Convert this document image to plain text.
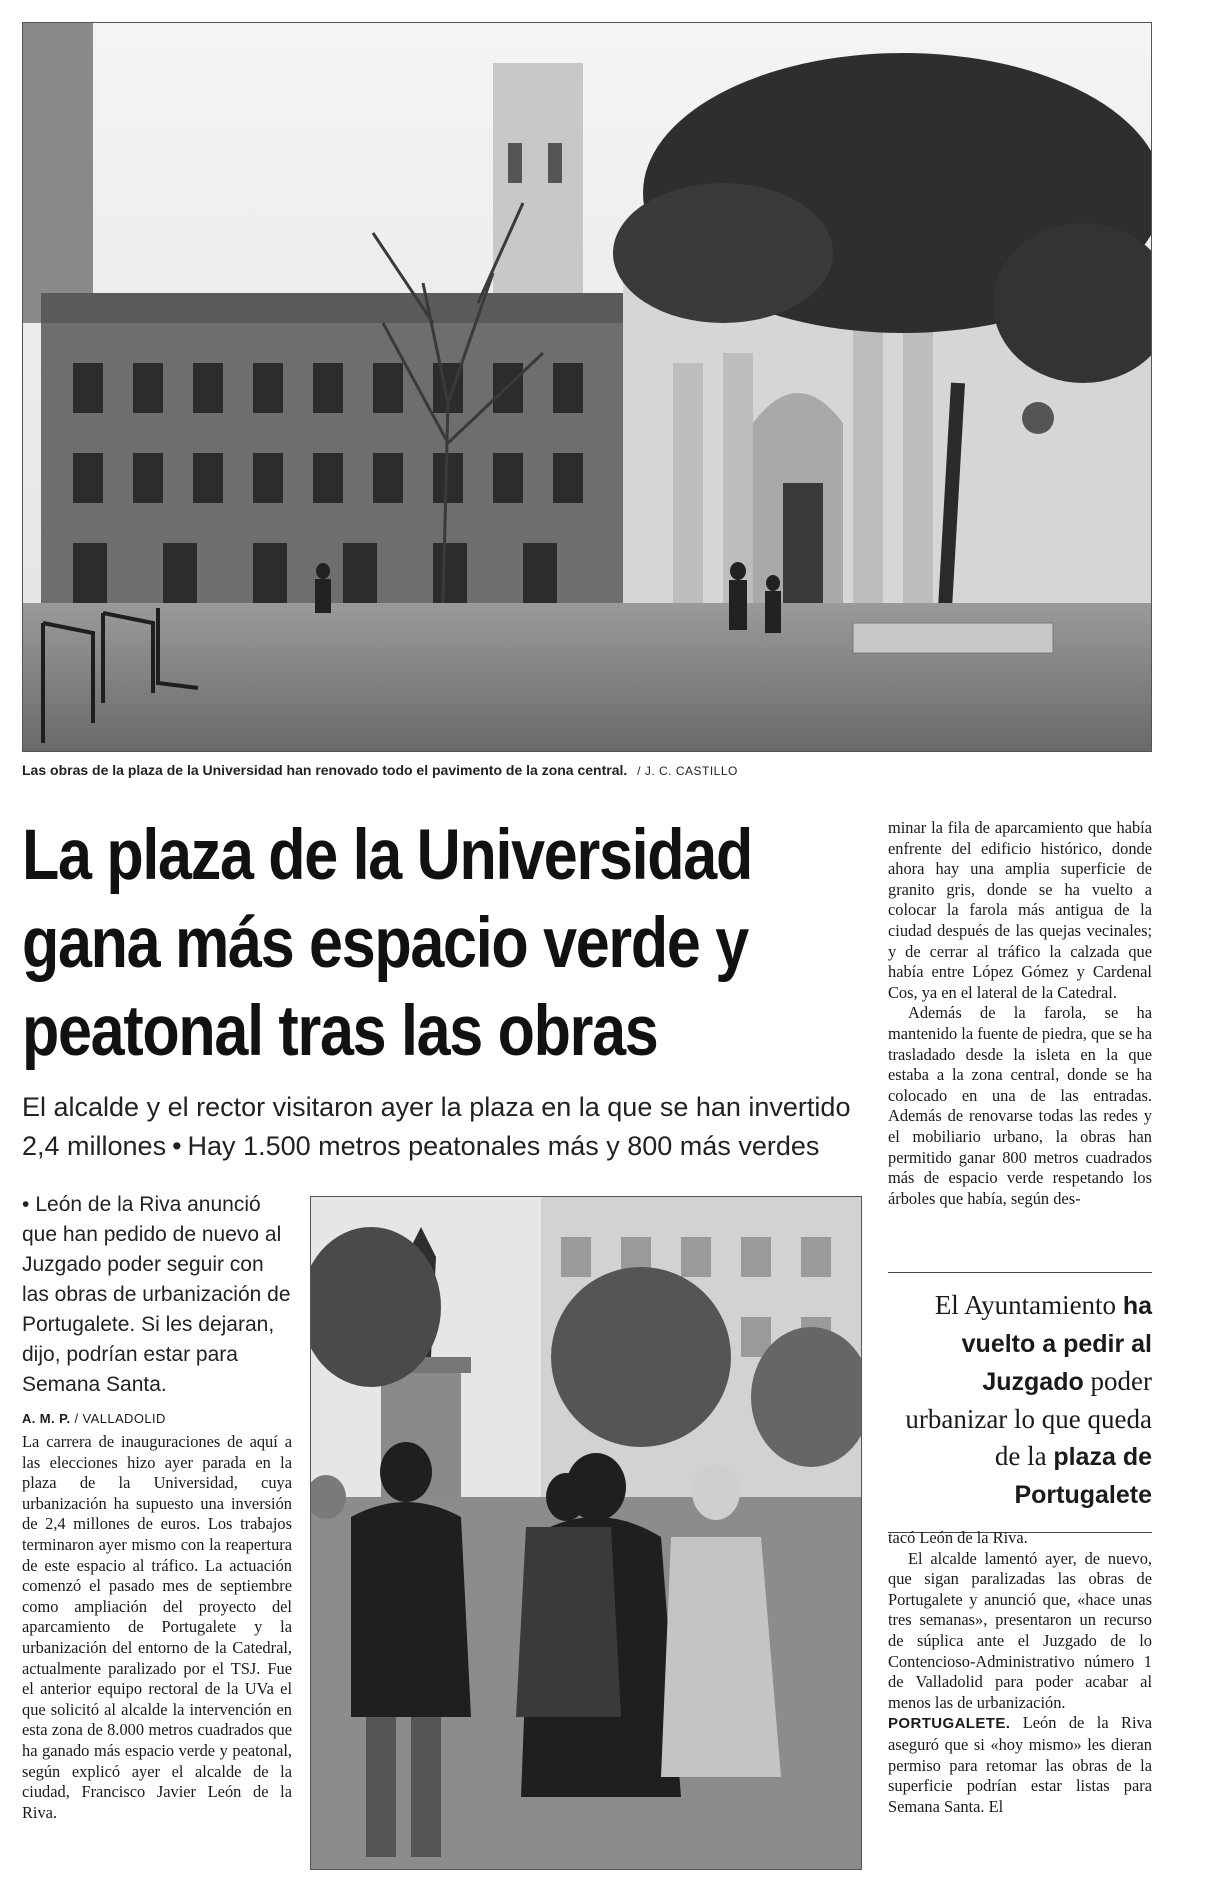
Las obras de la plaza de la Universidad han renovado todo el pavimento de la zona central. / J. C. CASTILLO
La plaza de la Universidad
gana más espacio verde y
peatonal tras las obras
El alcalde y el rector visitaron ayer la plaza en la que se han invertido 2,4 millones • Hay 1.500 metros peatonales más y 800 más verdes
• León de la Riva anunció que han pedido de nuevo al Juzgado poder seguir con las obras de urbanización de Portugalete. Si les dejaran, dijo, podrían estar para Semana Santa.
A. M. P. / VALLADOLID

La carrera de inauguraciones de aquí a las elecciones hizo ayer parada en la plaza de la Universidad, cuya urbanización ha supuesto una inversión de 2,4 millones de euros. Los trabajos terminaron ayer mismo con la reapertura de este espacio al tráfico. La actuación comenzó el pasado mes de septiembre como ampliación del proyecto del aparcamiento de Portugalete y la urbanización del entorno de la Catedral, actualmente paralizado por el TSJ. Fue el anterior equipo rectoral de la UVa el que solicitó al alcalde la intervención en esta zona de 8.000 metros cuadrados que ha ganado más espacio verde y peatonal, según explicó ayer el alcalde de la ciudad, Francisco Javier León de la Riva.

minar la fila de aparcamiento que había enfrente del edificio histórico, donde ahora hay una amplia superficie de granito gris, donde se ha vuelto a colocar la farola más antigua de la ciudad después de las quejas vecinales; y de cerrar al tráfico la calzada que había entre López Gómez y Cardenal Cos, ya en el lateral de la Catedral.

Además de la farola, se ha mantenido la fuente de piedra, que se ha trasladado desde la isleta en la que estaba a la zona central, donde se ha colocado en una de las entradas. Además de renovarse todas las redes y el mobiliario urbano, la obras han permitido ganar 800 metros cuadrados más de espacio verde respetando los árboles que había, según des-

El Ayuntamiento ha vuelto a pedir al Juzgado poder urbanizar lo que queda de la plaza de Portugalete

tacó León de la Riva.

El alcalde lamentó ayer, de nuevo, que sigan paralizadas las obras de Portugalete y anunció que, «hace unas tres semanas», presentaron un recurso de súplica ante el Juzgado de lo Contencioso-Administrativo número 1 de Valladolid para poder acabar al menos las de urbanización.

PORTUGALETE. León de la Riva aseguró que si «hoy mismo» les dieran permiso para retomar las obras de la superficie podrían estar listas para Semana Santa. El
